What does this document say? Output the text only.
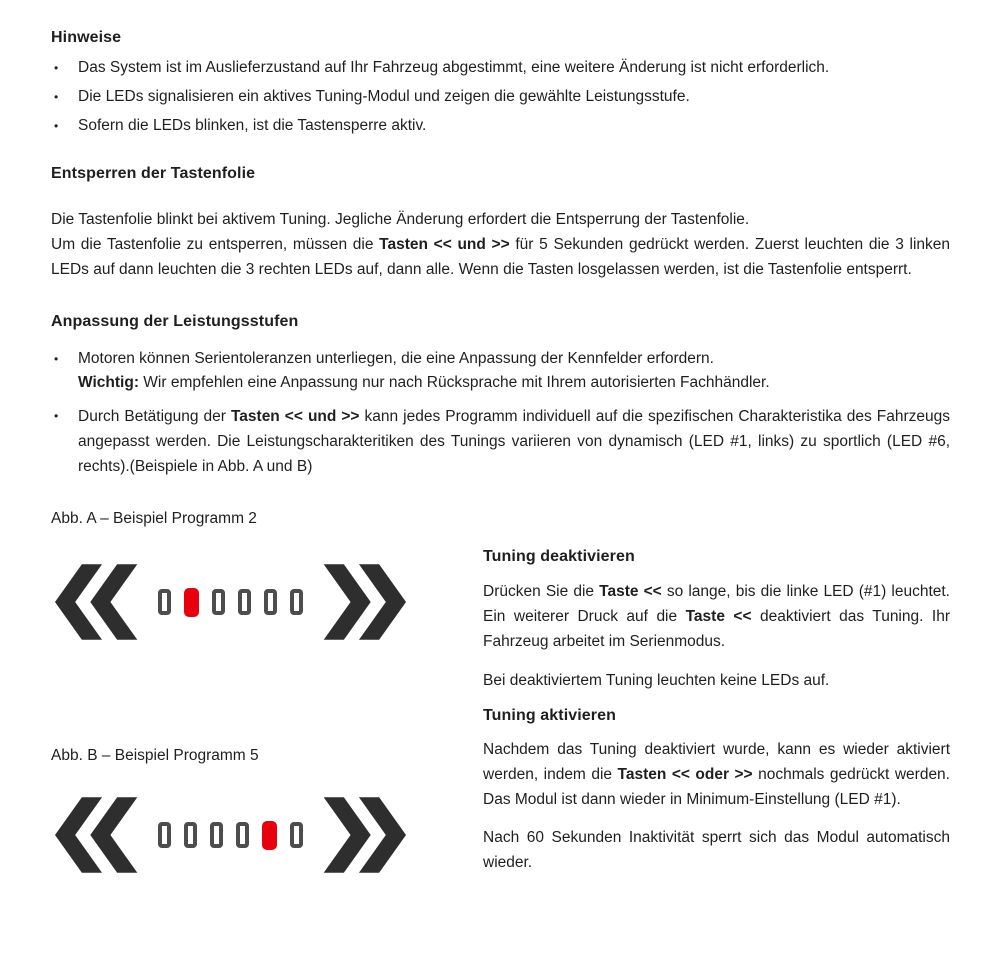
Hinweise
•	Das System ist im Auslieferzustand auf Ihr Fahrzeug abgestimmt, eine weitere Änderung ist nicht erforderlich.
•	Die LEDs signalisieren ein aktives Tuning-Modul und zeigen die gewählte Leistungsstufe.
•	Sofern die LEDs blinken, ist die Tastensperre aktiv.
Entsperren der Tastenfolie
Die Tastenfolie blinkt bei aktivem Tuning. Jegliche Änderung erfordert die Entsperrung der Tastenfolie.
Um die Tastenfolie zu entsperren, müssen die Tasten << und >> für 5 Sekunden gedrückt werden. Zuerst leuchten die 3 linken LEDs auf dann leuchten die 3 rechten LEDs auf, dann alle. Wenn die Tasten losgelassen werden, ist die Tastenfolie entsperrt.
Anpassung der Leistungsstufen
•	Motoren können Serientoleranzen unterliegen, die eine Anpassung der Kennfelder erfordern.
Wichtig: Wir empfehlen eine Anpassung nur nach Rücksprache mit Ihrem autorisierten Fachhändler.
•	Durch Betätigung der Tasten << und >> kann jedes Programm individuell auf die spezifischen Charakteristika des Fahrzeugs angepasst werden. Die Leistungscharakteritiken des Tunings variieren von dynamisch (LED #1, links) zu sportlich (LED #6, rechts).(Beispiele in Abb. A und B)
Abb. A – Beispiel Programm 2
Abb. B – Beispiel Programm 5
Tuning deaktivieren
Drücken Sie die Taste << so lange, bis die linke LED (#1) leuchtet. Ein weiterer Druck auf die Taste << deaktiviert das Tuning. Ihr Fahrzeug arbeitet im Serienmodus.
Bei deaktiviertem Tuning leuchten keine LEDs auf.
Tuning aktivieren
Nachdem das Tuning deaktiviert wurde, kann es wieder aktiviert werden, indem die Tasten << oder >> nochmals gedrückt werden. Das Modul ist dann wieder in Minimum-Einstellung (LED #1).
Nach 60 Sekunden Inaktivität sperrt sich das Modul automatisch wieder.
